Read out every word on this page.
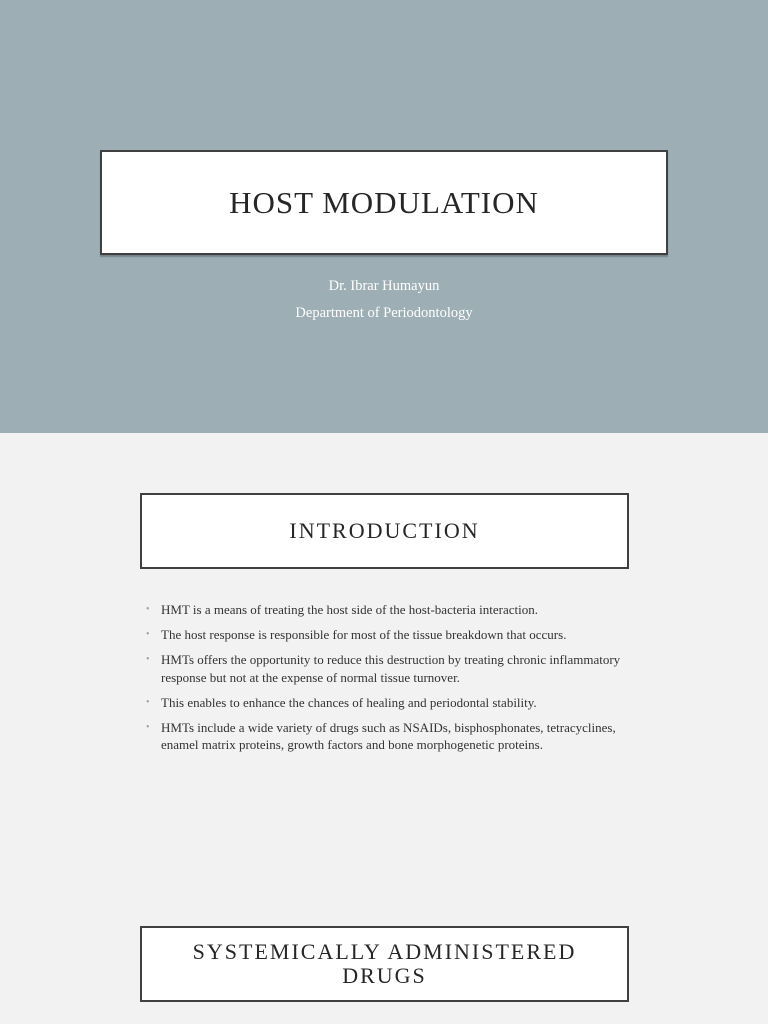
HOST MODULATION
Dr. Ibrar Humayun
Department of Periodontology
INTRODUCTION
• HMT is a means of treating the host side of the host-bacteria interaction.
• The host response is responsible for most of the tissue breakdown that occurs.
• HMTs offers the opportunity to reduce this destruction by treating chronic inflammatory response but not at the expense of normal tissue turnover.
• This enables to enhance the chances of healing and periodontal stability.
• HMTs include a wide variety of drugs such as NSAIDs, bisphosphonates, tetracyclines, enamel matrix proteins, growth factors and bone morphogenetic proteins.
SYSTEMICALLY ADMINISTERED
DRUGS
